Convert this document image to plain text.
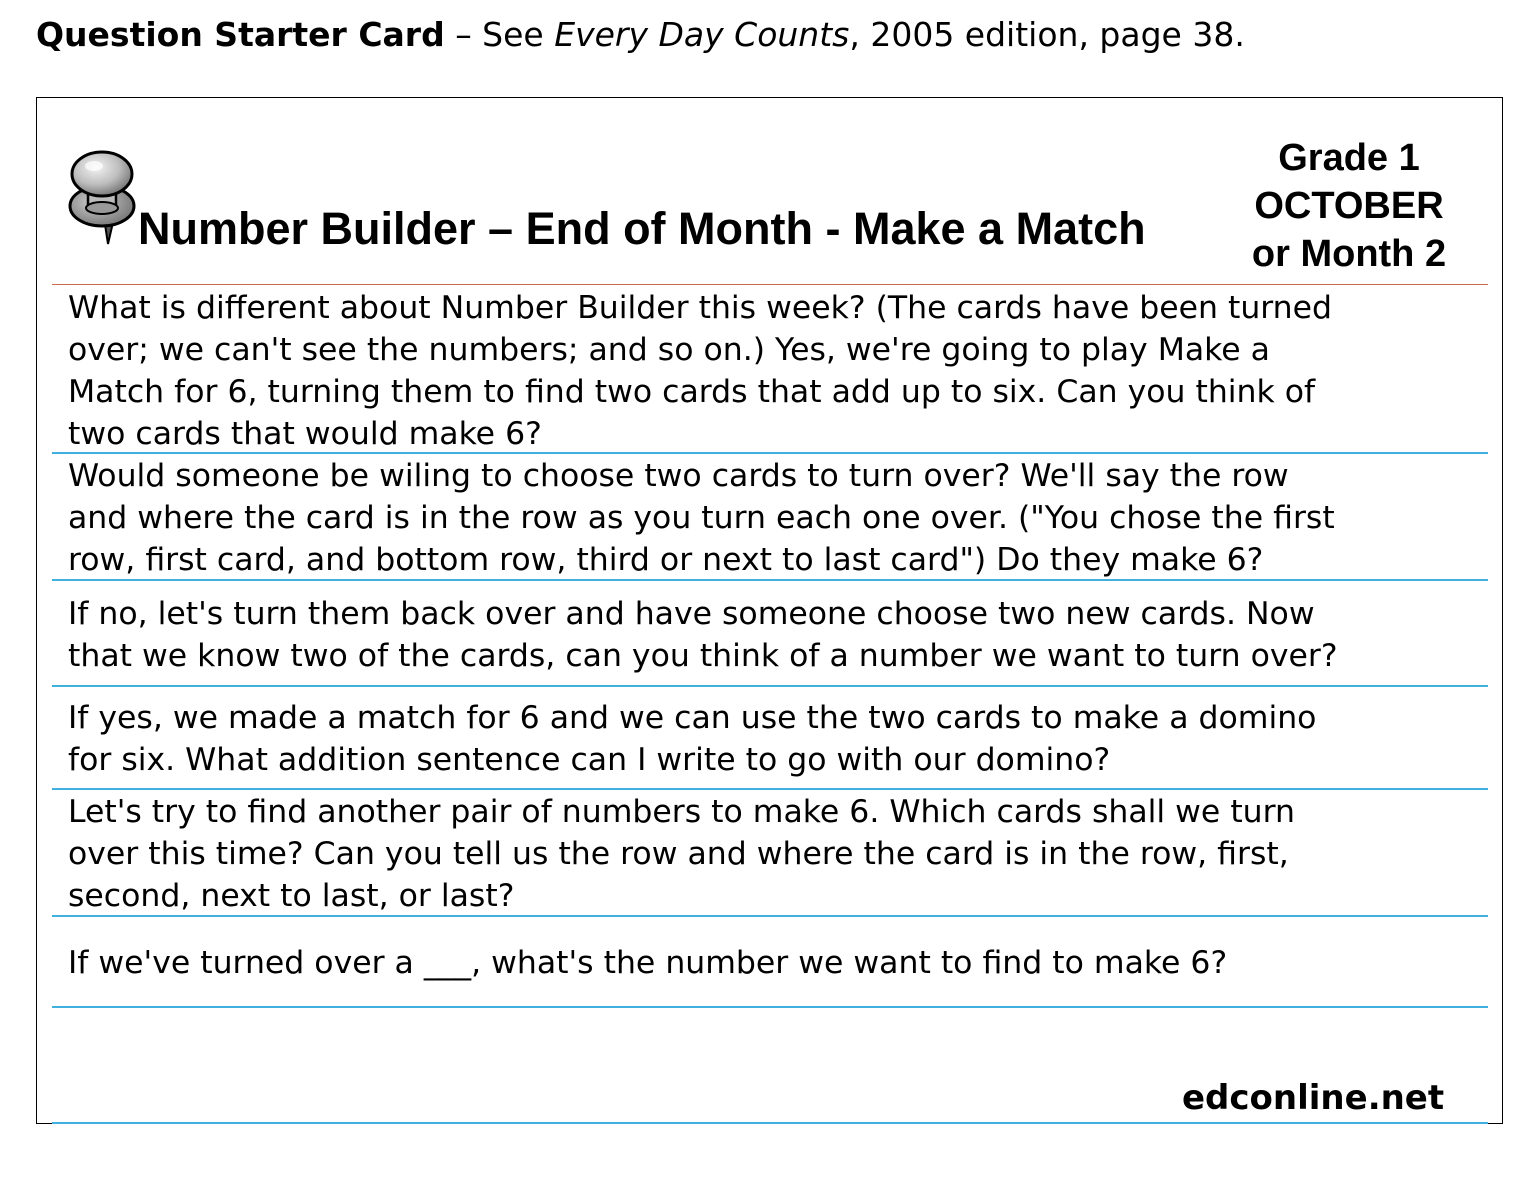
Question Starter Card – See Every Day Counts, 2005 edition, page 38.
Number Builder – End of Month - Make a Match
Grade 1
OCTOBER
or Month 2
What is different about Number Builder this week? (The cards have been turned
over; we can't see the numbers; and so on.) Yes, we're going to play Make a
Match for 6, turning them to find two cards that add up to six. Can you think of
two cards that would make 6?
Would someone be wiling to choose two cards to turn over? We'll say the row
and where the card is in the row as you turn each one over. ("You chose the first
row, first card, and bottom row, third or next to last card") Do they make 6?
If no, let's turn them back over and have someone choose two new cards. Now
that we know two of the cards, can you think of a number we want to turn over?
If yes, we made a match for 6 and we can use the two cards to make a domino
for six. What addition sentence can I write to go with our domino?
Let's try to find another pair of numbers to make 6. Which cards shall we turn
over this time? Can you tell us the row and where the card is in the row, first,
second, next to last, or last?
If we've turned over a ___, what's the number we want to find to make 6?
edconline.net
